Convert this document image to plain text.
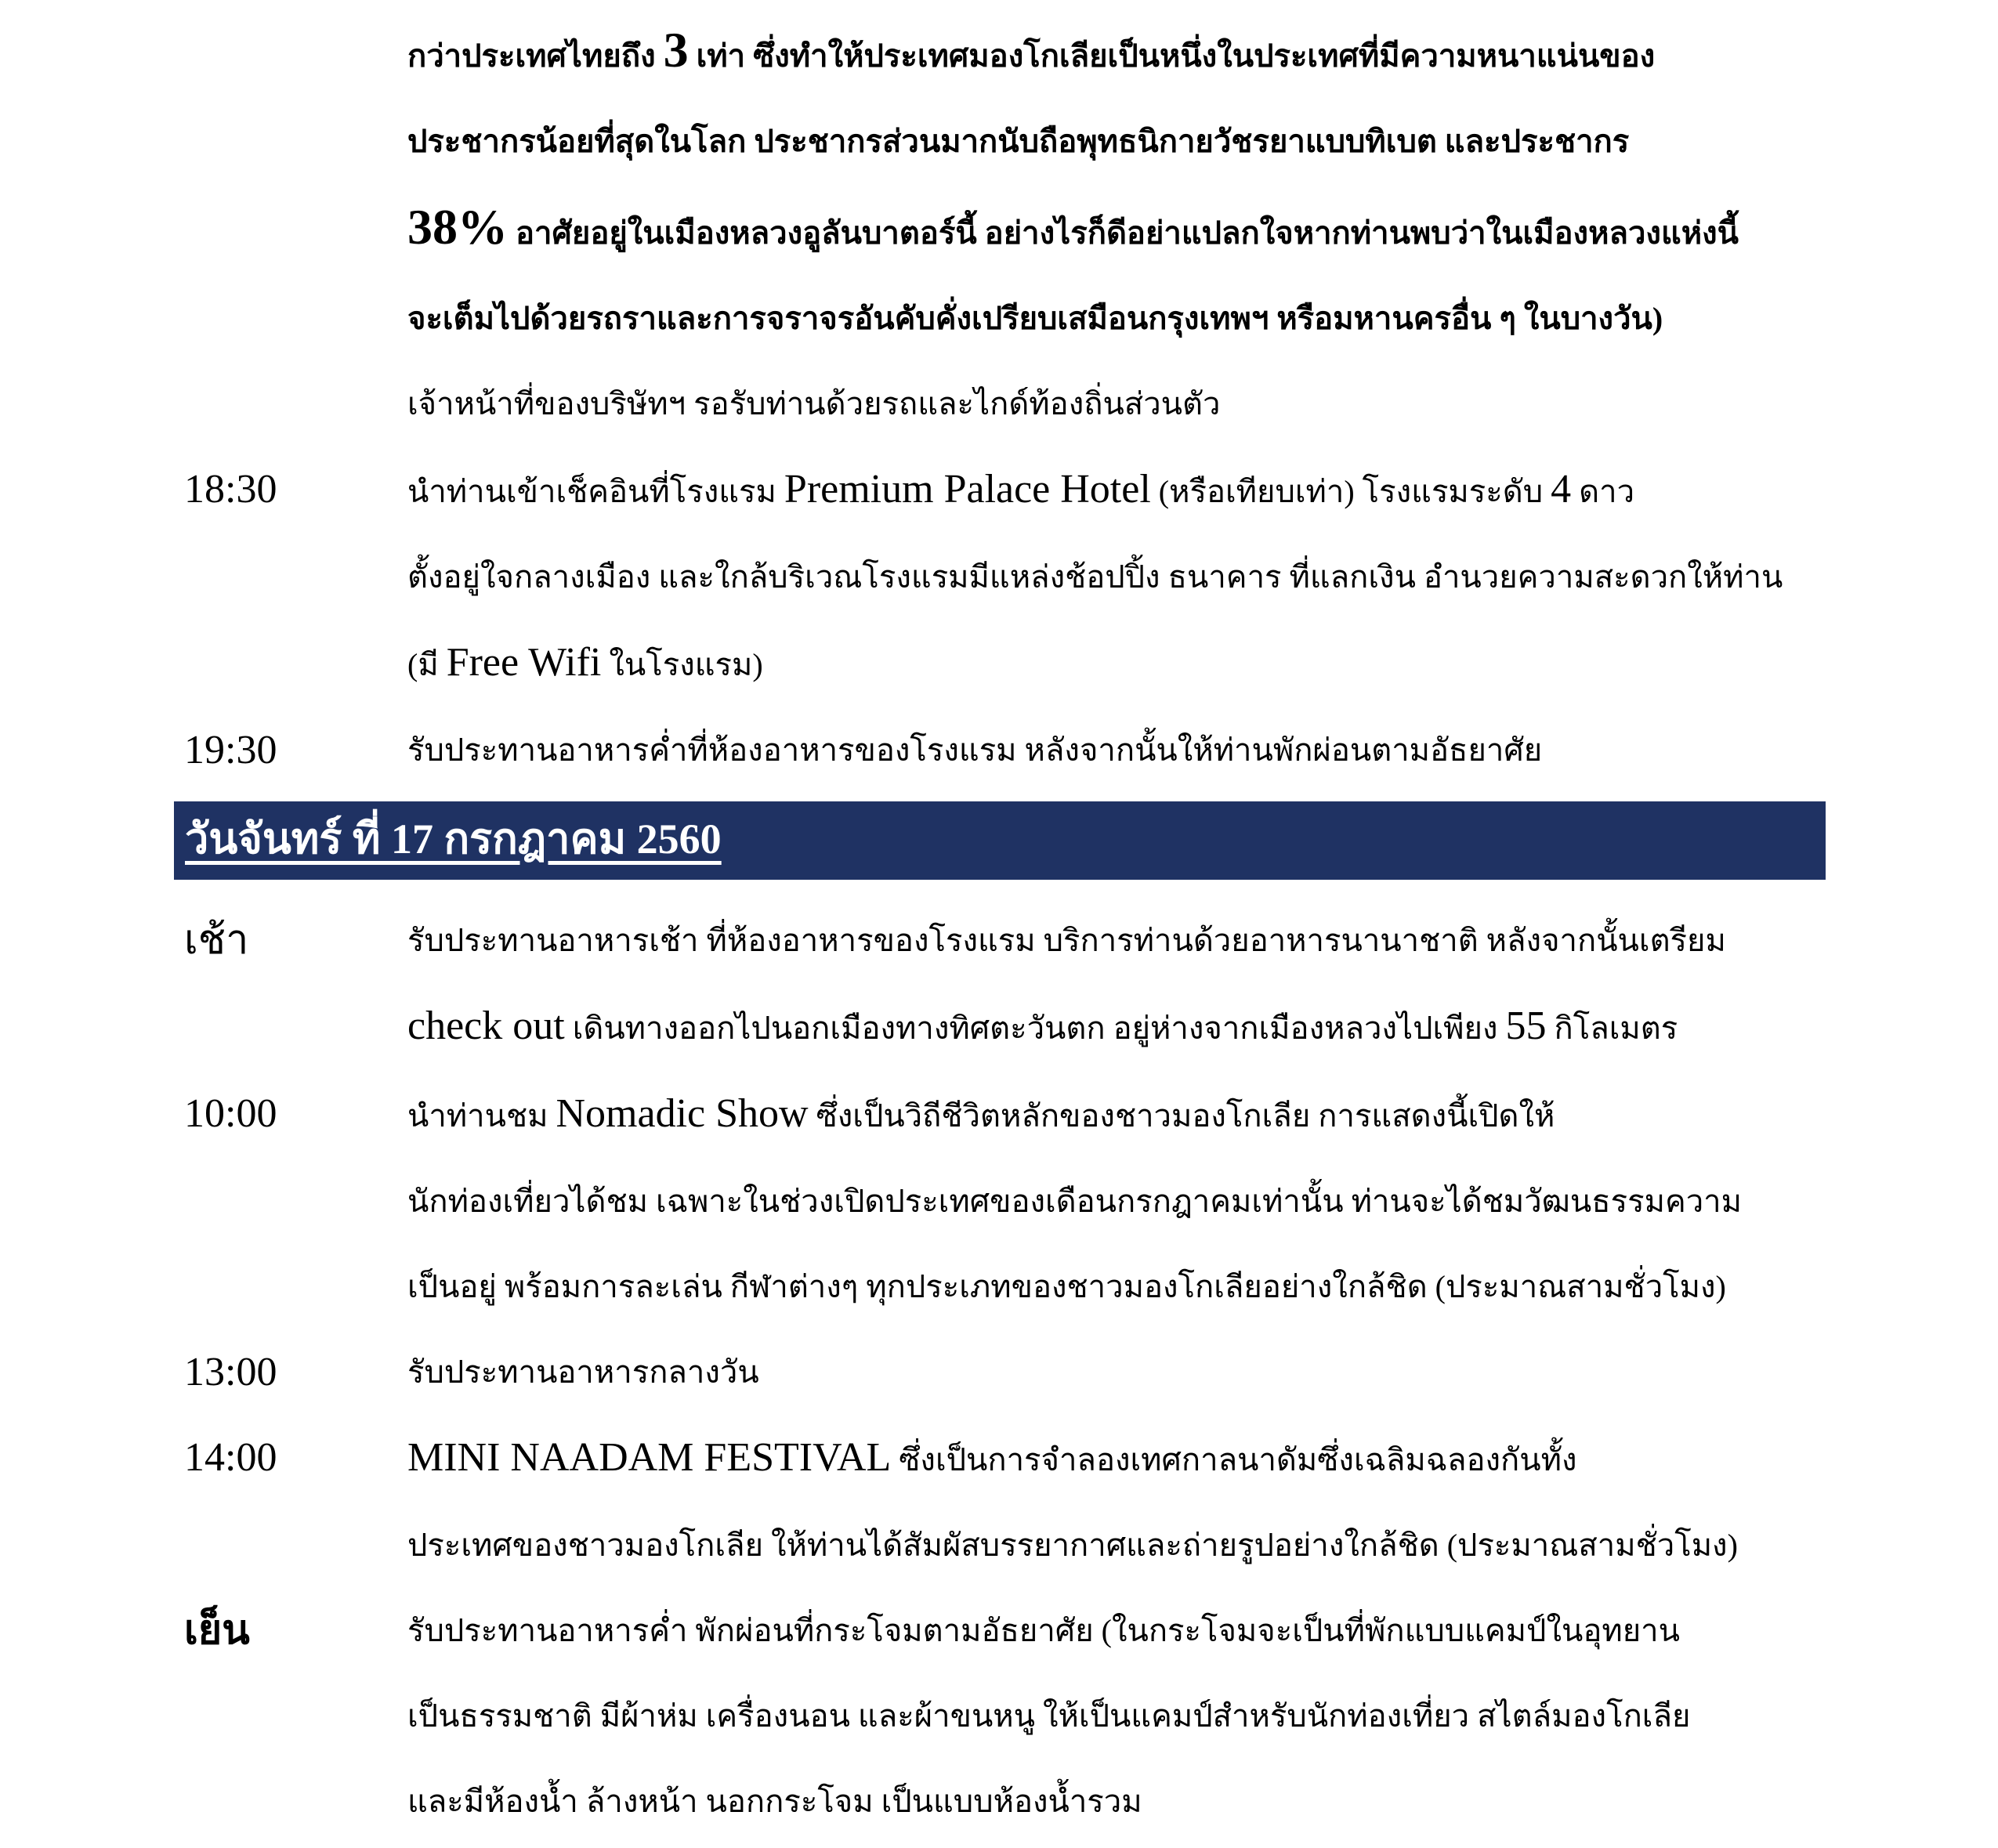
กว่าประเทศไทยถึง 3 เท่า ซึ่งทำให้ประเทศมองโกเลียเป็นหนึ่งในประเทศที่มีความหนาแน่นของ
ประชากรน้อยที่สุดในโลก ประชากรส่วนมากนับถือพุทธนิกายวัชรยาแบบทิเบต และประชากร
38% อาศัยอยู่ในเมืองหลวงอูลันบาตอร์นี้ อย่างไรก็ดีอย่าแปลกใจหากท่านพบว่าในเมืองหลวงแห่งนี้
จะเต็มไปด้วยรถราและการจราจรอันคับคั่งเปรียบเสมือนกรุงเทพฯ หรือมหานครอื่น ๆ ในบางวัน)
เจ้าหน้าที่ของบริษัทฯ รอรับท่านด้วยรถและไกด์ท้องถิ่นส่วนตัว
18:30	นำท่านเข้าเช็คอินที่โรงแรม Premium Palace Hotel (หรือเทียบเท่า) โรงแรมระดับ 4 ดาว
ตั้งอยู่ใจกลางเมือง และใกล้บริเวณโรงแรมมีแหล่งช้อปปิ้ง ธนาคาร ที่แลกเงิน อำนวยความสะดวกให้ท่าน
(มี Free Wifi ในโรงแรม)
19:30	รับประทานอาหารค่ำที่ห้องอาหารของโรงแรม หลังจากนั้นให้ท่านพักผ่อนตามอัธยาศัย
วันจันทร์ ที่ 17 กรกฎาคม 2560
เช้า	รับประทานอาหารเช้า ที่ห้องอาหารของโรงแรม บริการท่านด้วยอาหารนานาชาติ หลังจากนั้นเตรียม
check out เดินทางออกไปนอกเมืองทางทิศตะวันตก อยู่ห่างจากเมืองหลวงไปเพียง 55 กิโลเมตร
10:00	นำท่านชม Nomadic Show ซึ่งเป็นวิถีชีวิตหลักของชาวมองโกเลีย การแสดงนี้เปิดให้
นักท่องเที่ยวได้ชม เฉพาะในช่วงเปิดประเทศของเดือนกรกฎาคมเท่านั้น ท่านจะได้ชมวัฒนธรรมความ
เป็นอยู่ พร้อมการละเล่น กีฬาต่างๆ ทุกประเภทของชาวมองโกเลียอย่างใกล้ชิด (ประมาณสามชั่วโมง)
13:00	รับประทานอาหารกลางวัน
14:00	MINI NAADAM FESTIVAL ซึ่งเป็นการจำลองเทศกาลนาดัมซึ่งเฉลิมฉลองกันทั้ง
ประเทศของชาวมองโกเลีย ให้ท่านได้สัมผัสบรรยากาศและถ่ายรูปอย่างใกล้ชิด (ประมาณสามชั่วโมง)
เย็น	รับประทานอาหารค่ำ พักผ่อนที่กระโจมตามอัธยาศัย (ในกระโจมจะเป็นที่พักแบบแคมป์ในอุทยาน
เป็นธรรมชาติ มีผ้าห่ม เครื่องนอน และผ้าขนหนู ให้เป็นแคมป์สำหรับนักท่องเที่ยว สไตล์มองโกเลีย
และมีห้องน้ำ ล้างหน้า นอกกระโจม เป็นแบบห้องน้ำรวม
